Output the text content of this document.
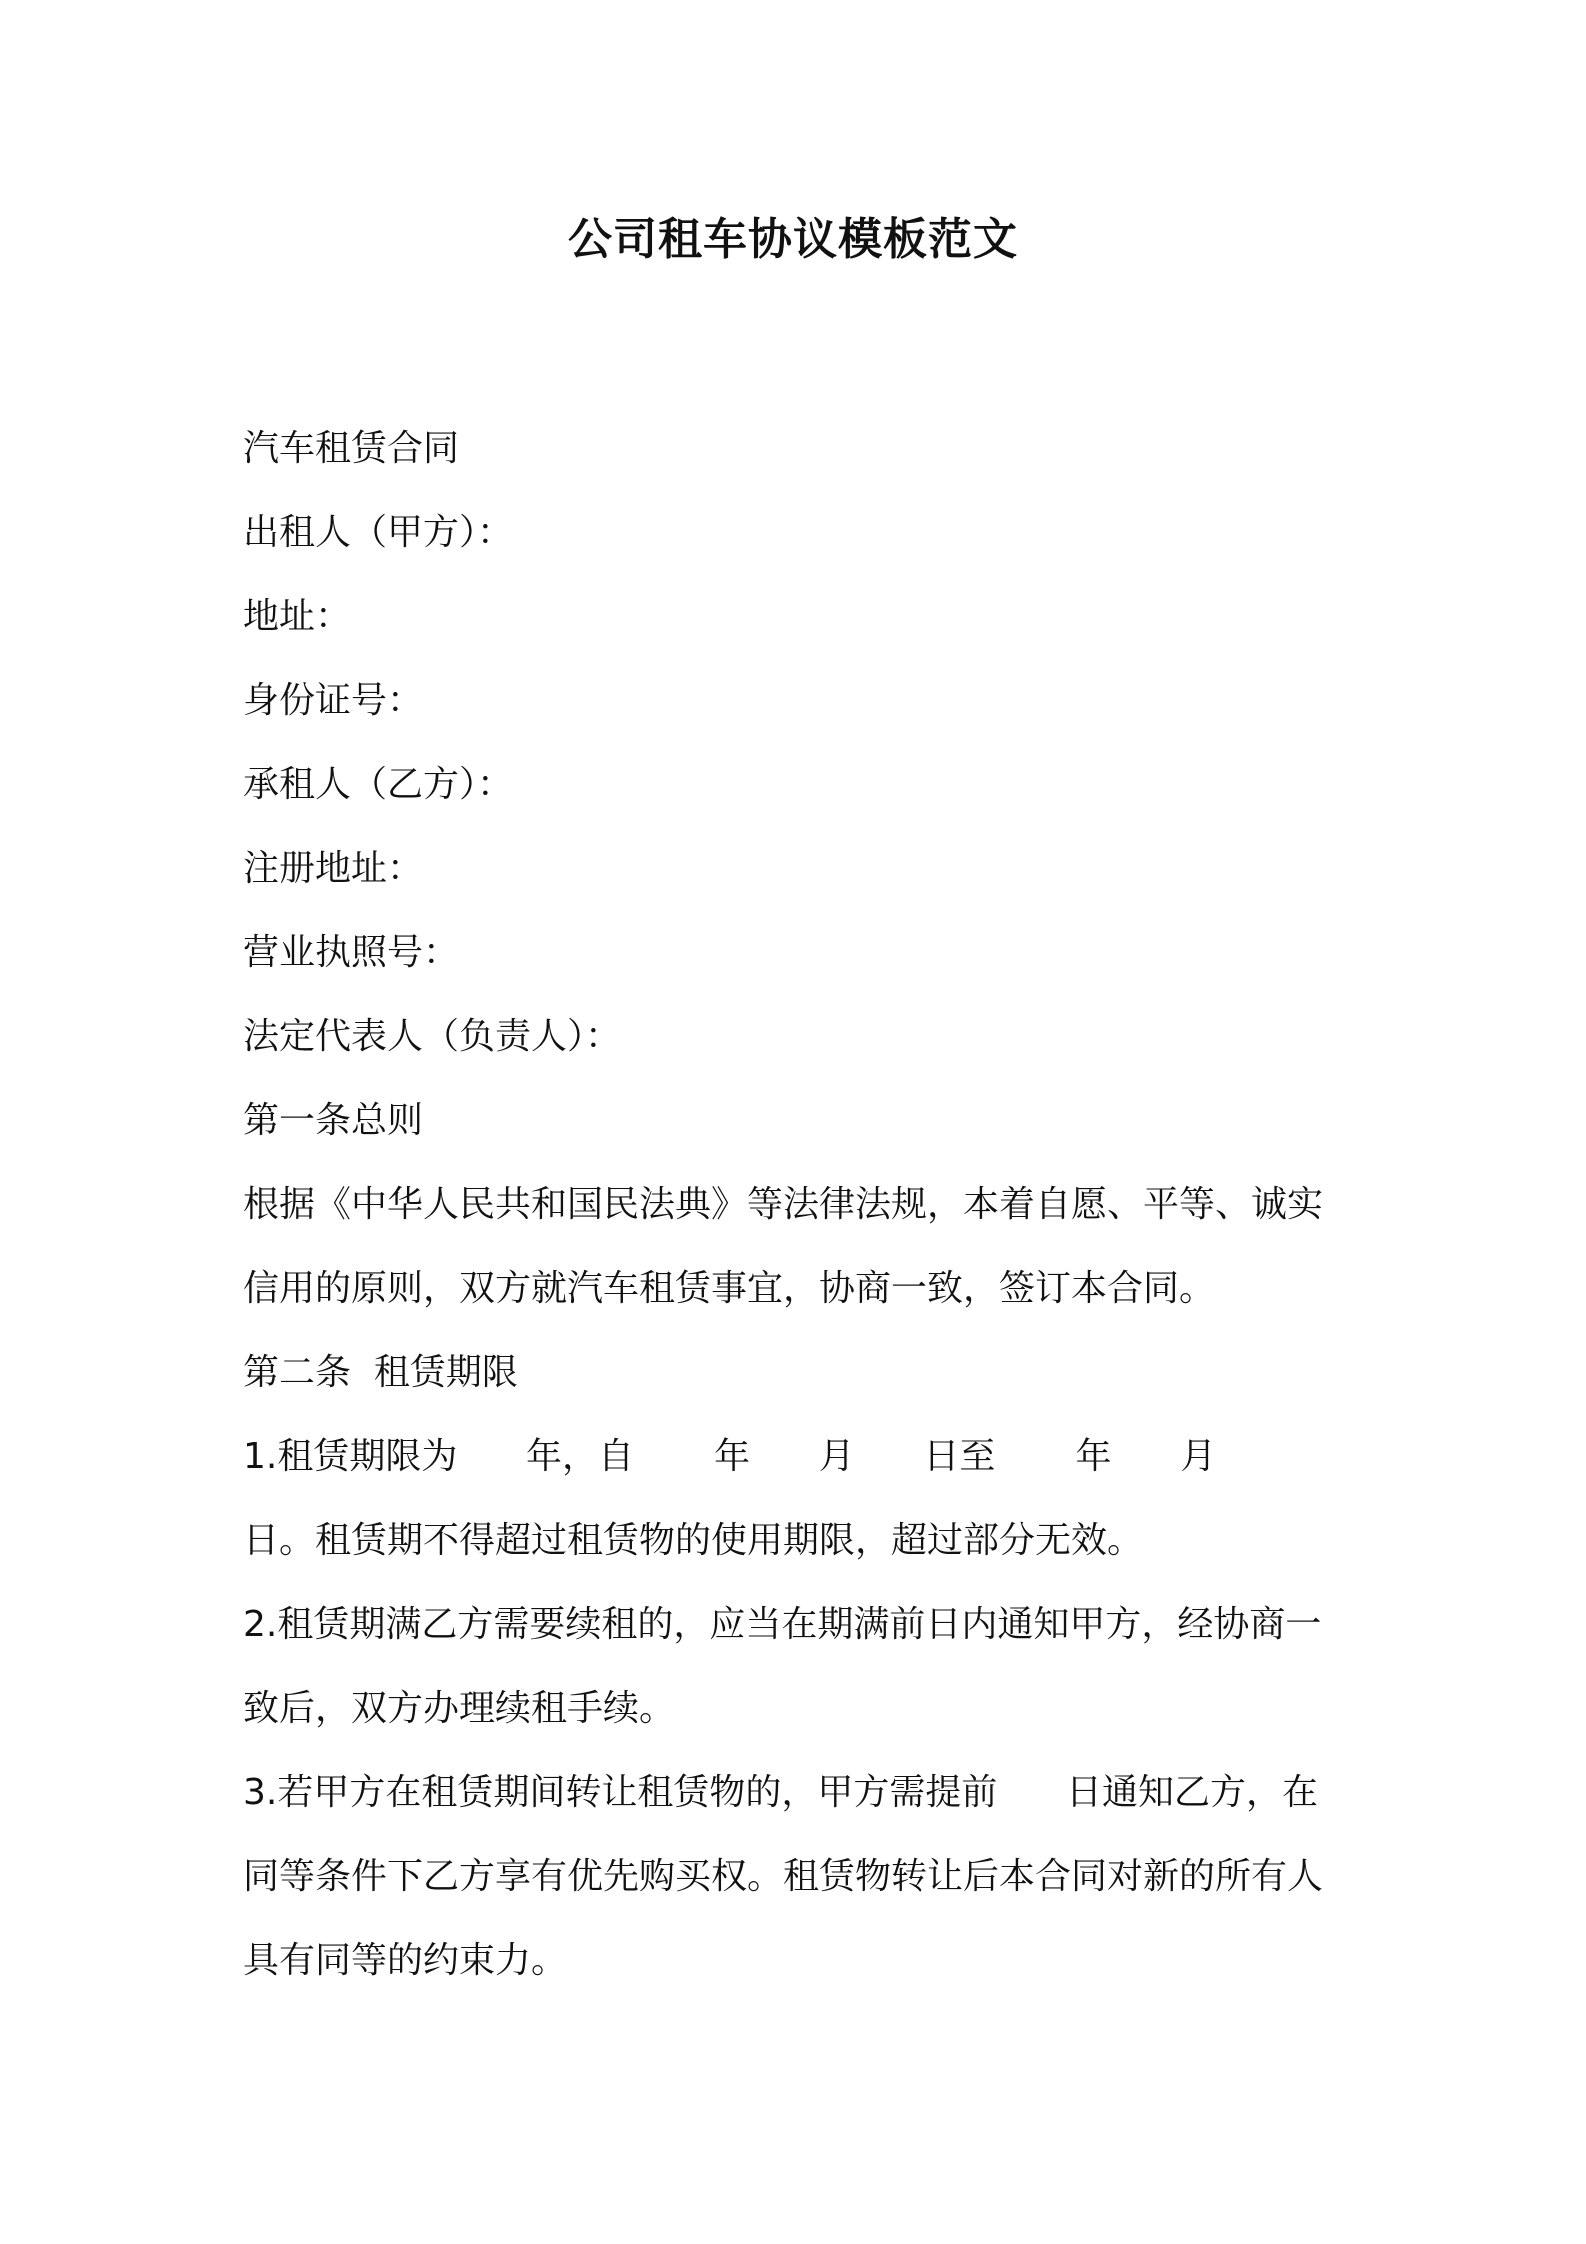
公司租车协议模板范文
汽车租赁合同
出租人（甲方）：
地址：
身份证号：
承租人（乙方）：
注册地址：
营业执照号：
法定代表人（负责人）：
第一条总则
根据《中华人民共和国民法典》等法律法规，本着自愿、平等、诚实
信用的原则，双方就汽车租赁事宜，协商一致，签订本合同。
第二条  租赁期限
1.租赁期限为      年，自       年      月      日至       年      月
日。租赁期不得超过租赁物的使用期限，超过部分无效。
2.租赁期满乙方需要续租的，应当在期满前日内通知甲方，经协商一
致后，双方办理续租手续。
3.若甲方在租赁期间转让租赁物的，甲方需提前      日通知乙方，在
同等条件下乙方享有优先购买权。租赁物转让后本合同对新的所有人
具有同等的约束力。
